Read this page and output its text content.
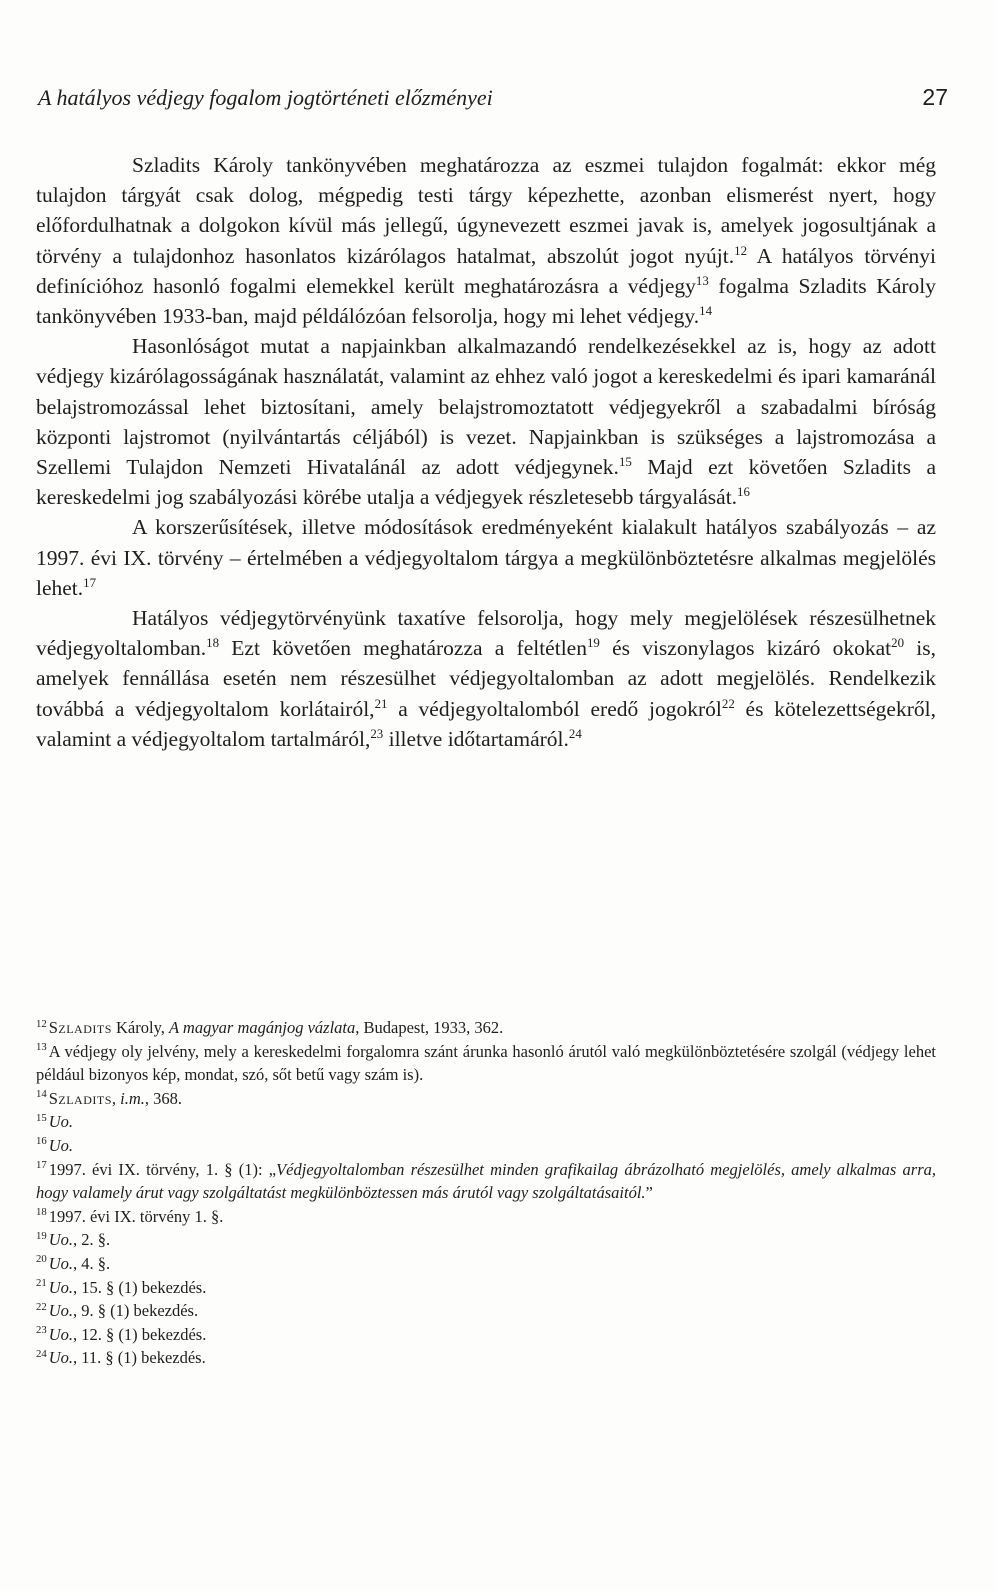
A hatályos védjegy fogalom jogtörténeti előzményei	27

Szladits Károly tankönyvében meghatározza az eszmei tulajdon fogalmát: ekkor még tulajdon tárgyát csak dolog, mégpedig testi tárgy képezhette, azonban elismerést nyert, hogy előfordulhatnak a dolgokon kívül más jellegű, úgynevezett eszmei javak is, amelyek jogosultjának a törvény a tulajdonhoz hasonlatos kizárólagos hatalmat, abszolút jogot nyújt.$^{12}$ A hatályos törvényi definícióhoz hasonló fogalmi elemekkel került meghatározásra a védjegy$^{13}$ fogalma Szladits Károly tankönyvében 1933-ban, majd példálózóan felsorolja, hogy mi lehet védjegy.$^{14}$

Hasonlóságot mutat a napjainkban alkalmazandó rendelkezésekkel az is, hogy az adott védjegy kizárólagosságának használatát, valamint az ehhez való jogot a kereskedelmi és ipari kamaránál belajstromozással lehet biztosítani, amely belajstromoztatott védjegyekről a szabadalmi bíróság központi lajstromot (nyilvántartás céljából) is vezet. Napjainkban is szükséges a lajstromozása a Szellemi Tulajdon Nemzeti Hivatalánál az adott védjegynek.$^{15}$ Majd ezt követően Szladits a kereskedelmi jog szabályozási körébe utalja a védjegyek részletesebb tárgyalását.$^{16}$

A korszerűsítések, illetve módosítások eredményeként kialakult hatályos szabályozás – az 1997. évi IX. törvény – értelmében a védjegyoltalom tárgya a megkülönböztetésre alkalmas megjelölés lehet.$^{17}$

Hatályos védjegytörvényünk taxatíve felsorolja, hogy mely megjelölések részesülhetnek védjegyoltalomban.$^{18}$ Ezt követően meghatározza a feltétlen$^{19}$ és viszonylagos kizáró okokat$^{20}$ is, amelyek fennállása esetén nem részesülhet védjegyoltalomban az adott megjelölés. Rendelkezik továbbá a védjegyoltalom korlátairól,$^{21}$ a védjegyoltalomból eredő jogokról$^{22}$ és kötelezettségekről, valamint a védjegyoltalom tartalmáról,$^{23}$ illetve időtartamáról.$^{24}$

$^{12}$ Szladits Károly, A magyar magánjog vázlata, Budapest, 1933, 362.

$^{13}$ A védjegy oly jelvény, mely a kereskedelmi forgalomra szánt árunka hasonló árutól való megkülönböztetésére szolgál (védjegy lehet például bizonyos kép, mondat, szó, sőt betű vagy szám is).

$^{14}$ Szladits, i.m., 368.

$^{15}$ Uo.

$^{16}$ Uo.

$^{17}$ 1997. évi IX. törvény, 1. § (1): „Védjegyoltalomban részesülhet minden grafikailag ábrázolható megjelölés, amely alkalmas arra, hogy valamely árut vagy szolgáltatást megkülönböztessen más árutól vagy szolgáltatásaitól.”

$^{18}$ 1997. évi IX. törvény 1. §.

$^{19}$ Uo., 2. §.

$^{20}$ Uo., 4. §.

$^{21}$ Uo., 15. § (1) bekezdés.

$^{22}$ Uo., 9. § (1) bekezdés.

$^{23}$ Uo., 12. § (1) bekezdés.

$^{24}$ Uo., 11. § (1) bekezdés.
